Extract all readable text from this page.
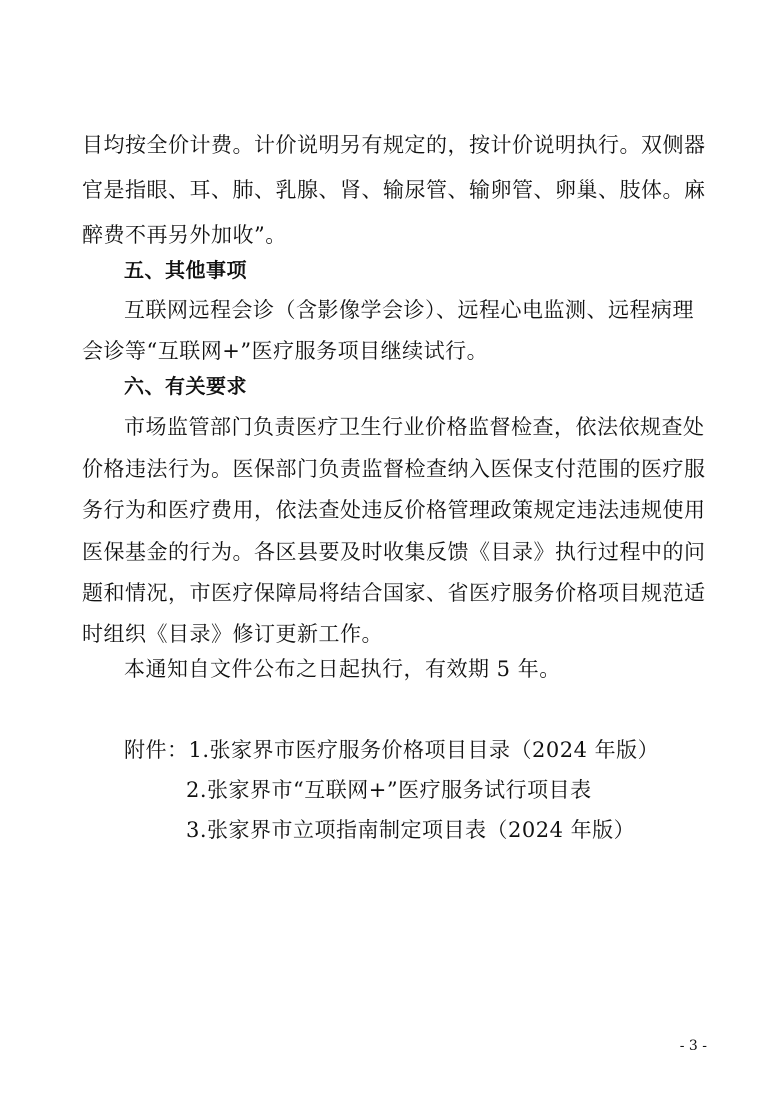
目均按全价计费。计价说明另有规定的，按计价说明执行。双侧器
官是指眼、耳、肺、乳腺、肾、输尿管、输卵管、卵巢、肢体。麻
醉费不再另外加收”。
五、其他事项
互联网远程会诊（含影像学会诊）、远程心电监测、远程病理
会诊等“互联网+”医疗服务项目继续试行。
六、有关要求
市场监管部门负责医疗卫生行业价格监督检查，依法依规查处
价格违法行为。医保部门负责监督检查纳入医保支付范围的医疗服
务行为和医疗费用，依法查处违反价格管理政策规定违法违规使用
医保基金的行为。各区县要及时收集反馈《目录》执行过程中的问
题和情况，市医疗保障局将结合国家、省医疗服务价格项目规范适
时组织《目录》修订更新工作。
本通知自文件公布之日起执行，有效期 5 年。
附件：1.张家界市医疗服务价格项目目录（2024 年版）
2.张家界市“互联网+”医疗服务试行项目表
3.张家界市立项指南制定项目表（2024 年版）
- 3 -
